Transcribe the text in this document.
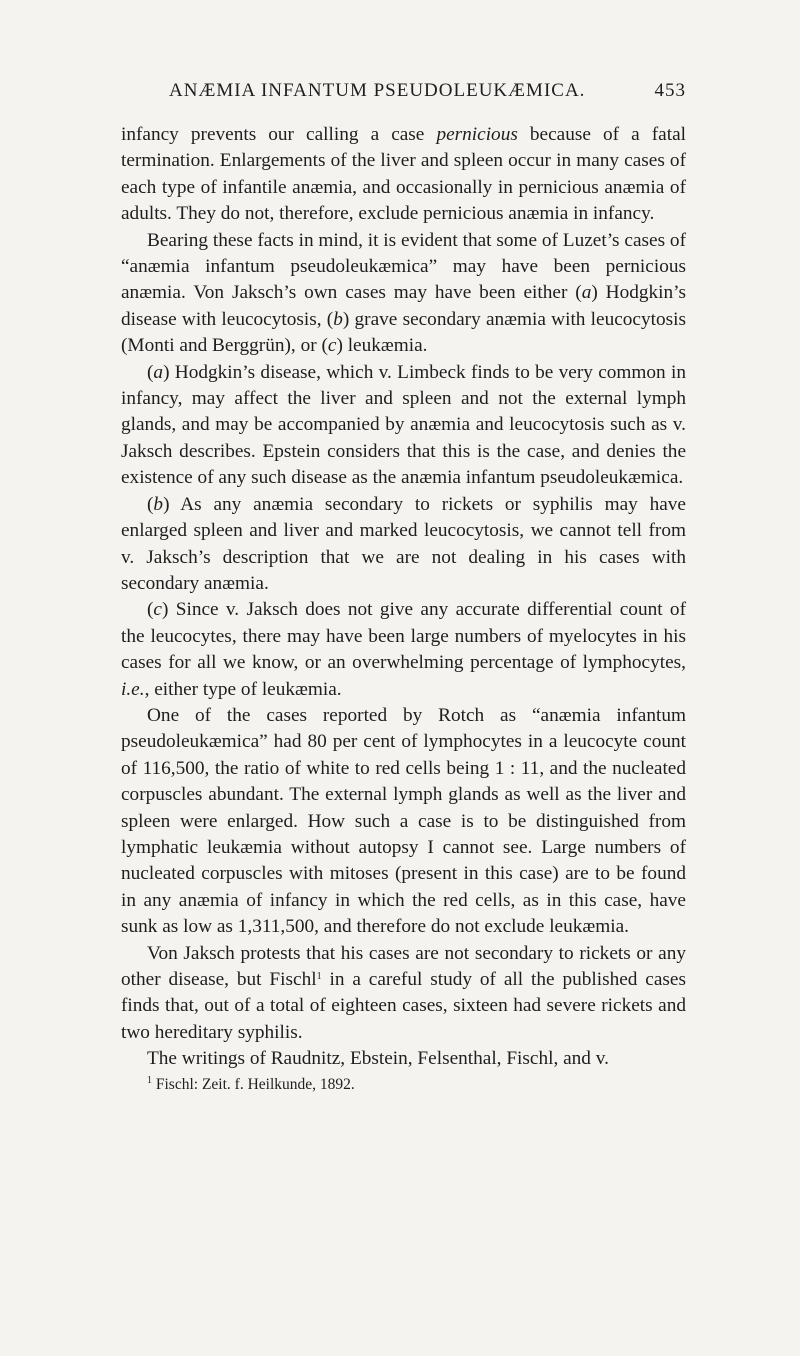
ANÆMIA INFANTUM PSEUDOLEUKÆMICA.	453

infancy prevents our calling a case pernicious because of a fatal termination. Enlargements of the liver and spleen occur in many cases of each type of infantile anæmia, and occasionally in pernicious anæmia of adults. They do not, therefore, exclude pernicious anæmia in infancy.

Bearing these facts in mind, it is evident that some of Luzet’s cases of “anæmia infantum pseudoleukæmica” may have been pernicious anæmia. Von Jaksch’s own cases may have been either (a) Hodgkin’s disease with leucocytosis, (b) grave secondary anæmia with leucocytosis (Monti and Berggrün), or (c) leukæmia.

(a) Hodgkin’s disease, which v. Limbeck finds to be very common in infancy, may affect the liver and spleen and not the external lymph glands, and may be accompanied by anæmia and leucocytosis such as v. Jaksch describes. Epstein considers that this is the case, and denies the existence of any such disease as the anæmia infantum pseudoleukæmica.

(b) As any anæmia secondary to rickets or syphilis may have enlarged spleen and liver and marked leucocytosis, we cannot tell from v. Jaksch’s description that we are not dealing in his cases with secondary anæmia.

(c) Since v. Jaksch does not give any accurate differential count of the leucocytes, there may have been large numbers of myelocytes in his cases for all we know, or an overwhelming percentage of lymphocytes, i.e., either type of leukæmia.

One of the cases reported by Rotch as “anæmia infantum pseudoleukæmica” had 80 per cent of lymphocytes in a leucocyte count of 116,500, the ratio of white to red cells being 1 : 11, and the nucleated corpuscles abundant. The external lymph glands as well as the liver and spleen were enlarged. How such a case is to be distinguished from lymphatic leukæmia without autopsy I cannot see. Large numbers of nucleated corpuscles with mitoses (present in this case) are to be found in any anæmia of infancy in which the red cells, as in this case, have sunk as low as 1,311,500, and therefore do not exclude leukæmia.

Von Jaksch protests that his cases are not secondary to rickets or any other disease, but Fischl$^1$ in a careful study of all the published cases finds that, out of a total of eighteen cases, sixteen had severe rickets and two hereditary syphilis.

The writings of Raudnitz, Ebstein, Felsenthal, Fischl, and v.

$^1$ Fischl: Zeit. f. Heilkunde, 1892.
